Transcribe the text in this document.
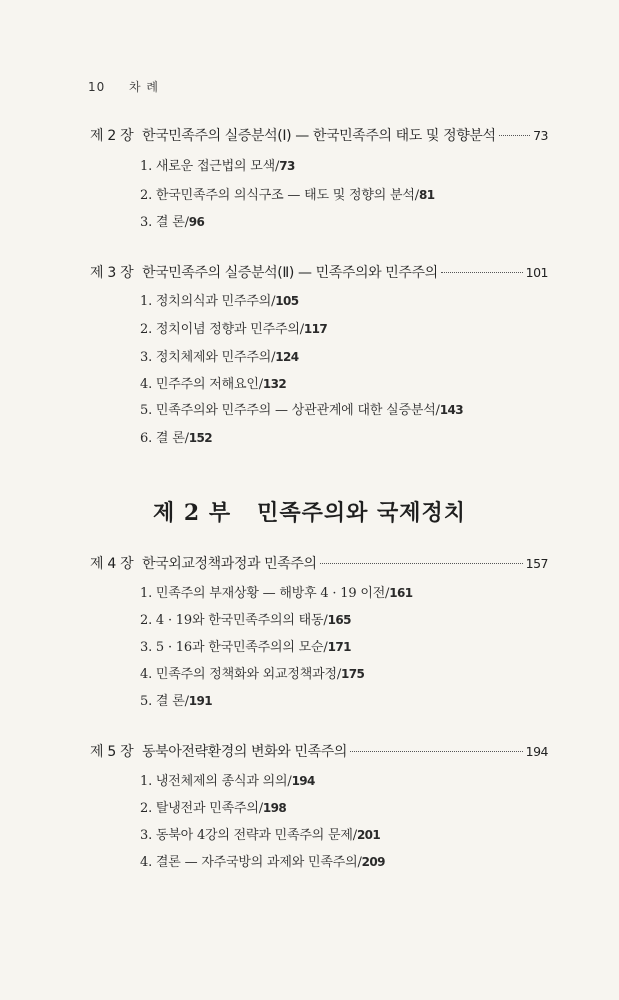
10 차 례
제 2 장 한국민족주의 실증분석(Ⅰ) — 한국민족주의 태도 및 정향분석	73
1. 새로운 접근법의 모색/73
2. 한국민족주의 의식구조 — 태도 및 정향의 분석/81
3. 결 론/96
제 3 장 한국민족주의 실증분석(Ⅱ) — 민족주의와 민주주의	101
1. 정치의식과 민주주의/105
2. 정치이념 정향과 민주주의/117
3. 정치체제와 민주주의/124
4. 민주주의 저해요인/132
5. 민족주의와 민주주의 — 상관관계에 대한 실증분석/143
6. 결 론/152
제 2 부 민족주의와 국제정치
제 4 장 한국외교정책과정과 민족주의	157
1. 민족주의 부재상황 — 해방후 4 · 19 이전/161
2. 4 · 19와 한국민족주의의 태동/165
3. 5 · 16과 한국민족주의의 모순/171
4. 민족주의 정책화와 외교정책과정/175
5. 결 론/191
제 5 장 동북아전략환경의 변화와 민족주의	194
1. 냉전체제의 종식과 의의/194
2. 탈냉전과 민족주의/198
3. 동북아 4강의 전략과 민족주의 문제/201
4. 결론 — 자주국방의 과제와 민족주의/209
